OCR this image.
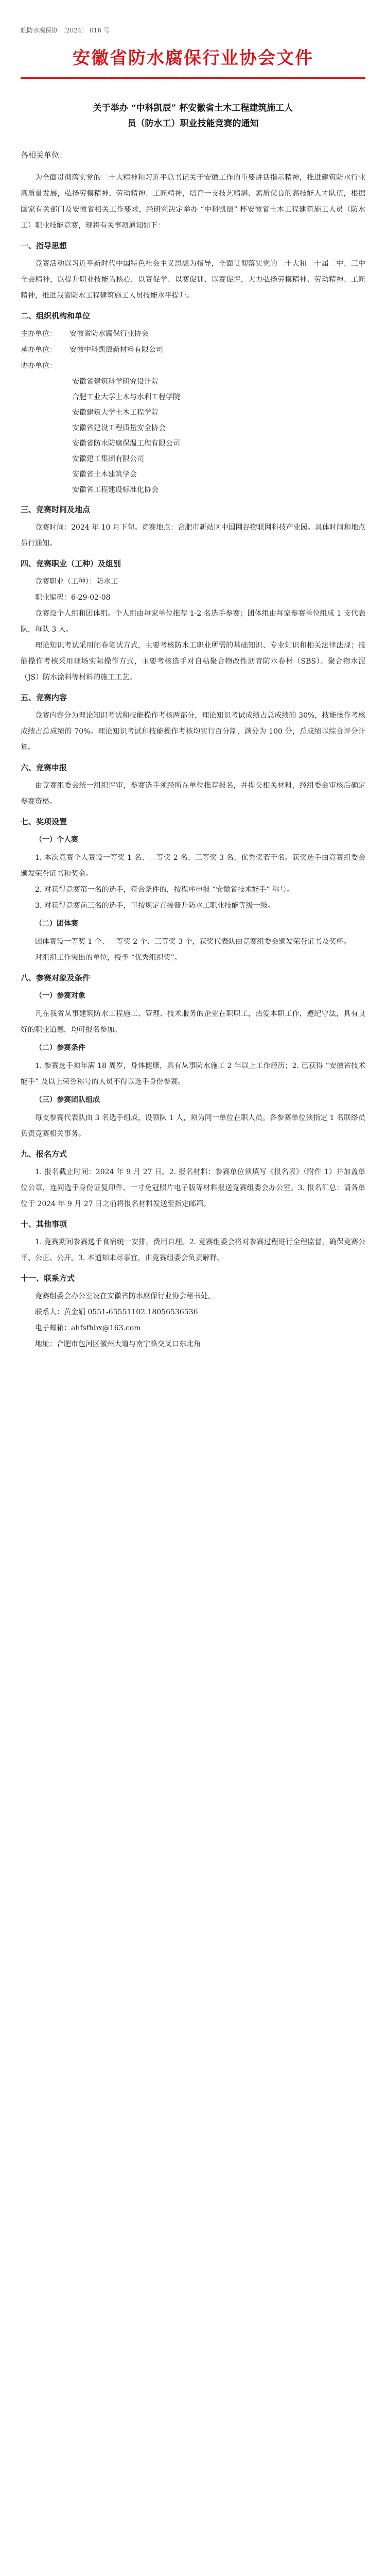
皖防水腐保协 〔2024〕 016 号
安徽省防水腐保行业协会文件
关于举办 “中科凯辰” 杯安徽省土木工程建筑施工人
员（防水工）职业技能竞赛的通知
各相关单位：

为全面贯彻落实党的二十大精神和习近平总书记关于安徽工作的重要讲话指示精神，推进建筑防水行业高质量发展，弘扬劳模精神、劳动精神、工匠精神，培育一支技艺精湛、素质优良的高技能人才队伍，根据国家有关部门及安徽省相关工作要求，经研究决定举办 “中科凯辰” 杯安徽省土木工程建筑施工人员（防水工）职业技能竞赛，现将有关事项通知如下：

一、指导思想

竞赛活动以习近平新时代中国特色社会主义思想为指导，全面贯彻落实党的二十大和二十届二中、三中全会精神，以提升职业技能为核心，以赛促学、以赛促训、以赛促评，大力弘扬劳模精神、劳动精神、工匠精神，推进我省防水工程建筑施工人员技能水平提升。

二、组织机构和单位
主办单位： 安徽省防水腐保行业协会
承办单位： 安徽中科凯辰新材料有限公司
协办单位：
安徽省建筑科学研究设计院
合肥工业大学土木与水利工程学院
安徽建筑大学土木工程学院
安徽省建设工程质量安全协会
安徽省防水防腐保温工程有限公司
安徽建工集团有限公司
安徽省土木建筑学会
安徽省工程建设标准化协会
三、竞赛时间及地点

竞赛时间：2024 年 10 月下旬。竞赛地点：合肥市新站区中国网谷物联网科技产业园。具体时间和地点另行通知。

四、竞赛职业（工种）及组别

竞赛职业（工种）：防水工

职业编码：6-29-02-08

竞赛设个人组和团体组。个人组由每家单位推荐 1-2 名选手参赛；团体组由每家参赛单位组成 1 支代表队，每队 3 人。

理论知识考试采用闭卷笔试方式，主要考核防水工职业所需的基础知识、专业知识和相关法律法规；技能操作考核采用现场实际操作方式，主要考核选手对自粘聚合物改性沥青防水卷材（SBS）、聚合物水泥（JS）防水涂料等材料的施工工艺。

五、竞赛内容

竞赛内容分为理论知识考试和技能操作考核两部分，理论知识考试成绩占总成绩的 30%，技能操作考核成绩占总成绩的 70%。理论知识考试和技能操作考核均实行百分制，满分为 100 分，总成绩以综合评分计算。

六、竞赛申报

由竞赛组委会统一组织评审，参赛选手须经所在单位推荐报名，并提交相关材料，经组委会审核后确定参赛资格。

七、奖项设置
（一）个人赛

1. 本次竞赛个人赛设一等奖 1 名、二等奖 2 名、三等奖 3 名、优秀奖若干名。获奖选手由竞赛组委会颁发荣誉证书和奖金。

2. 对获得竞赛第一名的选手，符合条件的，按程序申报 “安徽省技术能手” 称号。

3. 对获得竞赛前三名的选手，可按规定直接晋升防水工职业技能等级一级。

（二）团体赛

团体赛设一等奖 1 个、二等奖 2 个、三等奖 3 个，获奖代表队由竞赛组委会颁发荣誉证书及奖杯。

对组织工作突出的单位，授予 “优秀组织奖”。

八、参赛对象及条件
（一）参赛对象

凡在我省从事建筑防水工程施工、管理、技术服务的企业在职职工，热爱本职工作，遵纪守法，具有良好的职业道德，均可报名参加。

（二）参赛条件

1. 参赛选手须年满 18 周岁，身体健康，具有从事防水施工 2 年以上工作经历；2. 已获得 “安徽省技术能手” 及以上荣誉称号的人员不得以选手身份参赛。

（三）参赛团队组成

每支参赛代表队由 3 名选手组成，设领队 1 人，须为同一单位在职人员。各参赛单位须指定 1 名联络员负责竞赛相关事务。

九、报名方式

1. 报名截止时间：2024 年 9 月 27 日。2. 报名材料：参赛单位须填写《报名表》（附件 1）并加盖单位公章，连同选手身份证复印件、一寸免冠照片电子版等材料报送竞赛组委会办公室。3. 报名汇总：请各单位于 2024 年 9 月 27 日之前将报名材料发送至指定邮箱。

十、其他事项

1. 竞赛期间参赛选手食宿统一安排，费用自理。2. 竞赛组委会将对参赛过程进行全程监督，确保竞赛公平、公正、公开。3. 本通知未尽事宜，由竞赛组委会负责解释。

十一、联系方式

竞赛组委会办公室设在安徽省防水腐保行业协会秘书处。

联系人：黄金娟 0551-65551102 18056536536

电子邮箱：ahfsfhbx@163.com

地址：合肥市包河区徽州大道与南宁路交叉口东北角
